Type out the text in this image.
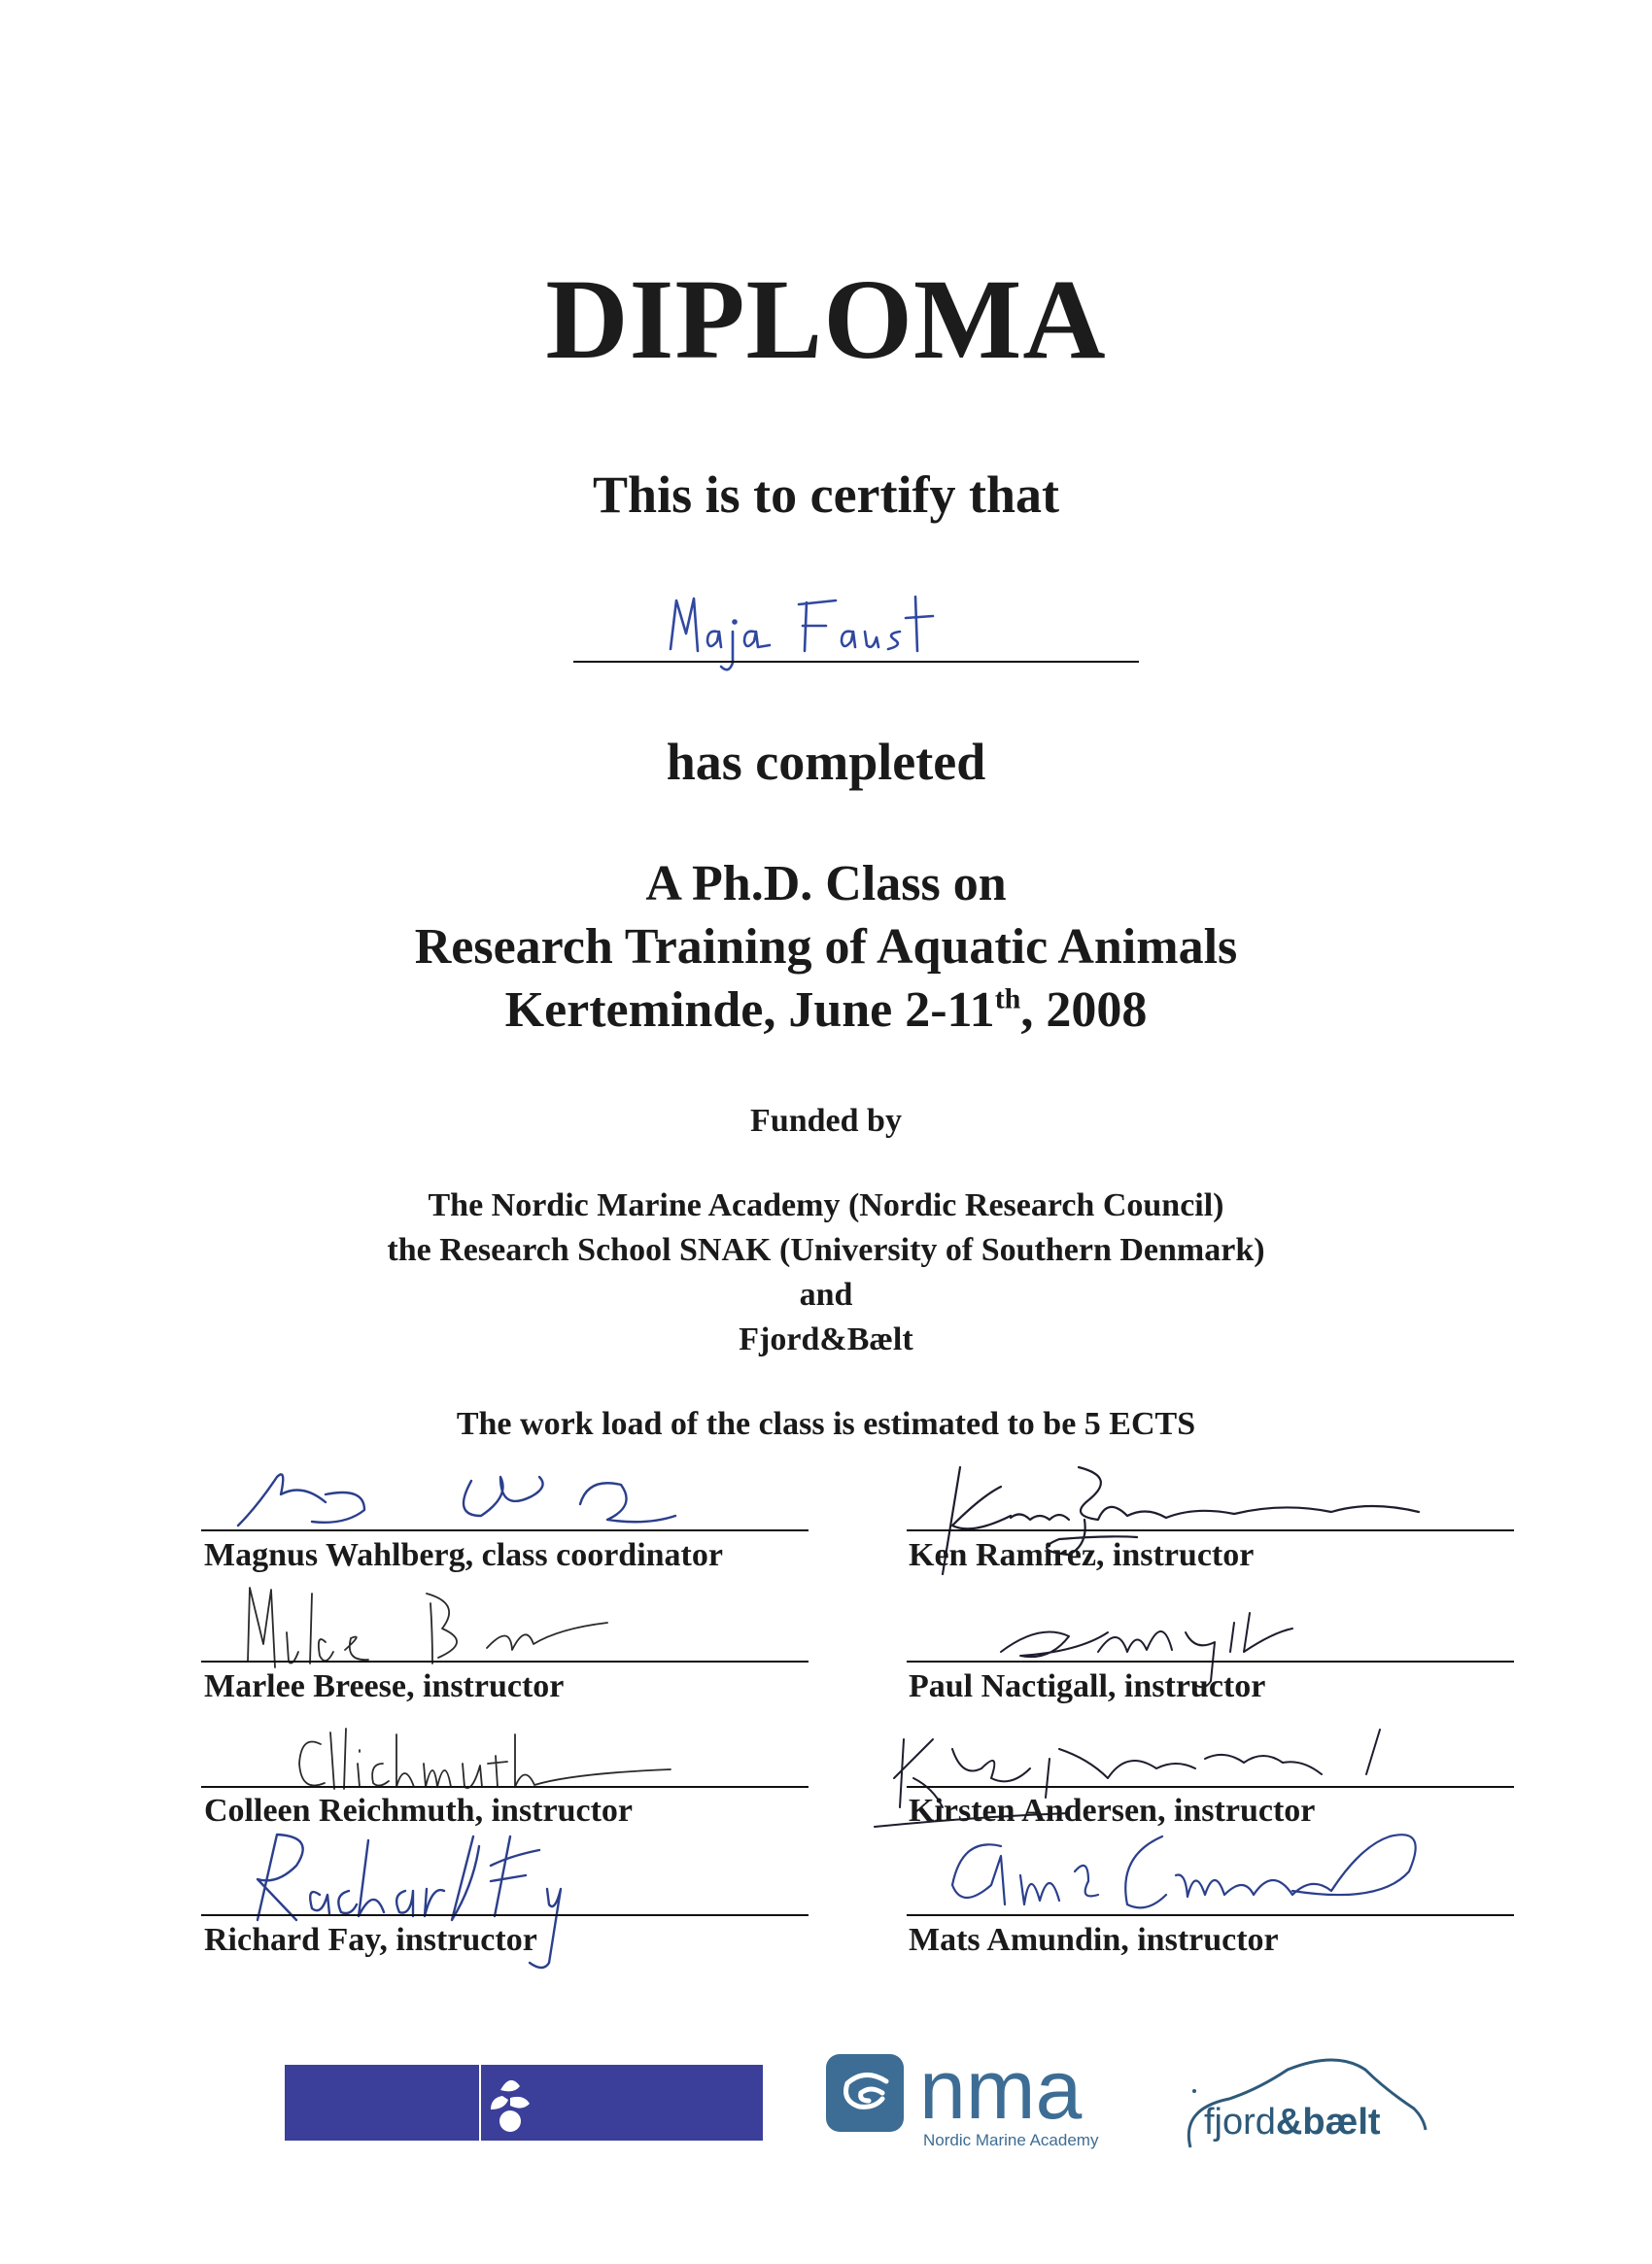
DIPLOMA
This is to certify that
has completed
A Ph.D. Class on
Research Training of Aquatic Animals
Kerteminde, June 2-11th, 2008
Funded by
The Nordic Marine Academy (Nordic Research Council)
the Research School SNAK (University of Southern Denmark)
and
Fjord&Bælt
The work load of the class is estimated to be 5 ECTS
Magnus Wahlberg, class coordinator
Marlee Breese, instructor
Colleen Reichmuth, instructor
Richard Fay, instructor
Ken Ramirez, instructor
Paul Nactigall, instructor
Kirsten Andersen, instructor
Mats Amundin, instructor
nma
Nordic Marine Academy	fjord&bælt
